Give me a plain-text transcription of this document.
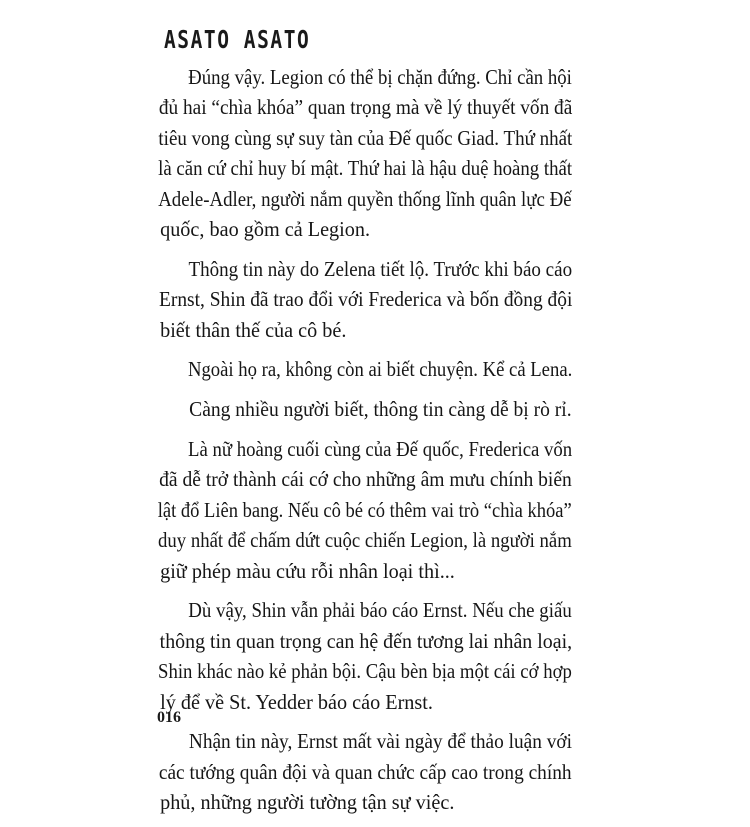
ASATO ASATO

Đúng vậy. Legion có thể bị chặn đứng. Chỉ cần hội
đủ hai “chìa khóa” quan trọng mà về lý thuyết vốn đã
tiêu vong cùng sự suy tàn của Đế quốc Giad. Thứ nhất
là căn cứ chỉ huy bí mật. Thứ hai là hậu duệ hoàng thất
Adele-Adler, người nắm quyền thống lĩnh quân lực Đế
quốc, bao gồm cả Legion.

Thông tin này do Zelena tiết lộ. Trước khi báo cáo
Ernst, Shin đã trao đổi với Frederica và bốn đồng đội
biết thân thế của cô bé.

Ngoài họ ra, không còn ai biết chuyện. Kể cả Lena.

Càng nhiều người biết, thông tin càng dễ bị rò rỉ.

Là nữ hoàng cuối cùng của Đế quốc, Frederica vốn
đã dễ trở thành cái cớ cho những âm mưu chính biến
lật đổ Liên bang. Nếu cô bé có thêm vai trò “chìa khóa”
duy nhất để chấm dứt cuộc chiến Legion, là người nắm
giữ phép màu cứu rỗi nhân loại thì...

Dù vậy, Shin vẫn phải báo cáo Ernst. Nếu che giấu
thông tin quan trọng can hệ đến tương lai nhân loại,
Shin khác nào kẻ phản bội. Cậu bèn bịa một cái cớ hợp
lý để về St. Yedder báo cáo Ernst.

Nhận tin này, Ernst mất vài ngày để thảo luận với
các tướng quân đội và quan chức cấp cao trong chính
phủ, những người tường tận sự việc.

016
